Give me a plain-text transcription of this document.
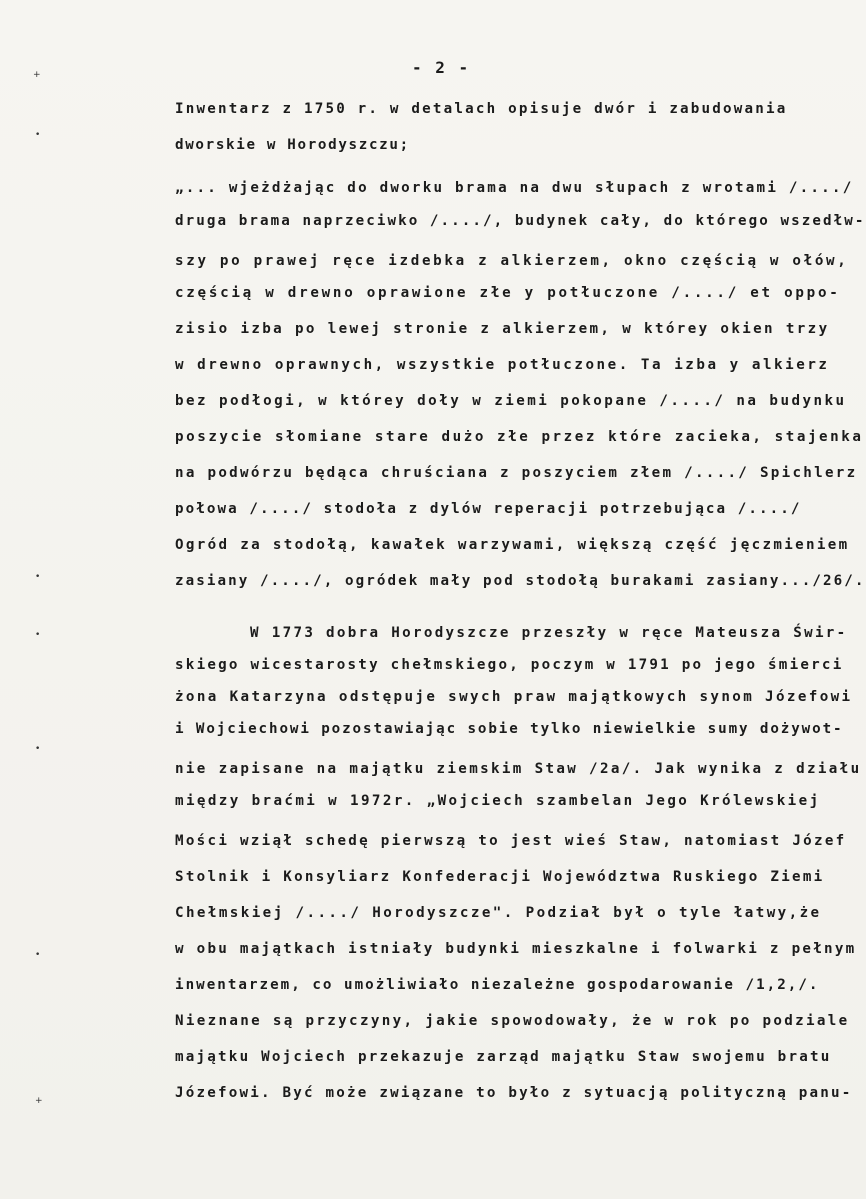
- 2 -
+
•
•
•
•
•
+
Inwentarz z 1750 r. w detalach opisuje dwór i zabudowania
dworskie w Horodyszczu;
„... wjeżdżając do dworku brama na dwu słupach z wrotami /..../
druga brama naprzeciwko /..../, budynek cały, do którego wszedłw-
szy po prawej ręce izdebka z alkierzem, okno częścią w ołów,
częścią w drewno oprawione złe y potłuczone /..../ et oppo-
zisio izba po lewej stronie z alkierzem, w którey okien trzy
w drewno oprawnych, wszystkie potłuczone. Ta izba y alkierz
bez podłogi, w którey doły w ziemi pokopane /..../ na budynku
poszycie słomiane stare dużo złe przez które zacieka, stajenka
na podwórzu będąca chruściana z poszyciem złem /..../ Spichlerz
połowa /..../ stodoła z dylów reperacji potrzebująca /..../
Ogród za stodołą, kawałek warzywami, większą część jęczmieniem
zasiany /..../, ogródek mały pod stodołą burakami zasiany.../26/.
W 1773 dobra Horodyszcze przeszły w ręce Mateusza Świr-
skiego wicestarosty chełmskiego, poczym w 1791 po jego śmierci
żona Katarzyna odstępuje swych praw majątkowych synom Józefowi
i Wojciechowi pozostawiając sobie tylko niewielkie sumy dożywot-
nie zapisane na majątku ziemskim Staw /2a/. Jak wynika z działu
między braćmi w 1972r. „Wojciech szambelan Jego Królewskiej
Mości wziął schedę pierwszą to jest wieś Staw, natomiast Józef
Stolnik i Konsyliarz Konfederacji Województwa Ruskiego Ziemi
Chełmskiej /..../ Horodyszcze". Podział był o tyle łatwy,że
w obu majątkach istniały budynki mieszkalne i folwarki z pełnym
inwentarzem, co umożliwiało niezależne gospodarowanie /1,2,/.
Nieznane są przyczyny, jakie spowodowały, że w rok po podziale
majątku Wojciech przekazuje zarząd majątku Staw swojemu bratu
Józefowi. Być może związane to było z sytuacją polityczną panu-
